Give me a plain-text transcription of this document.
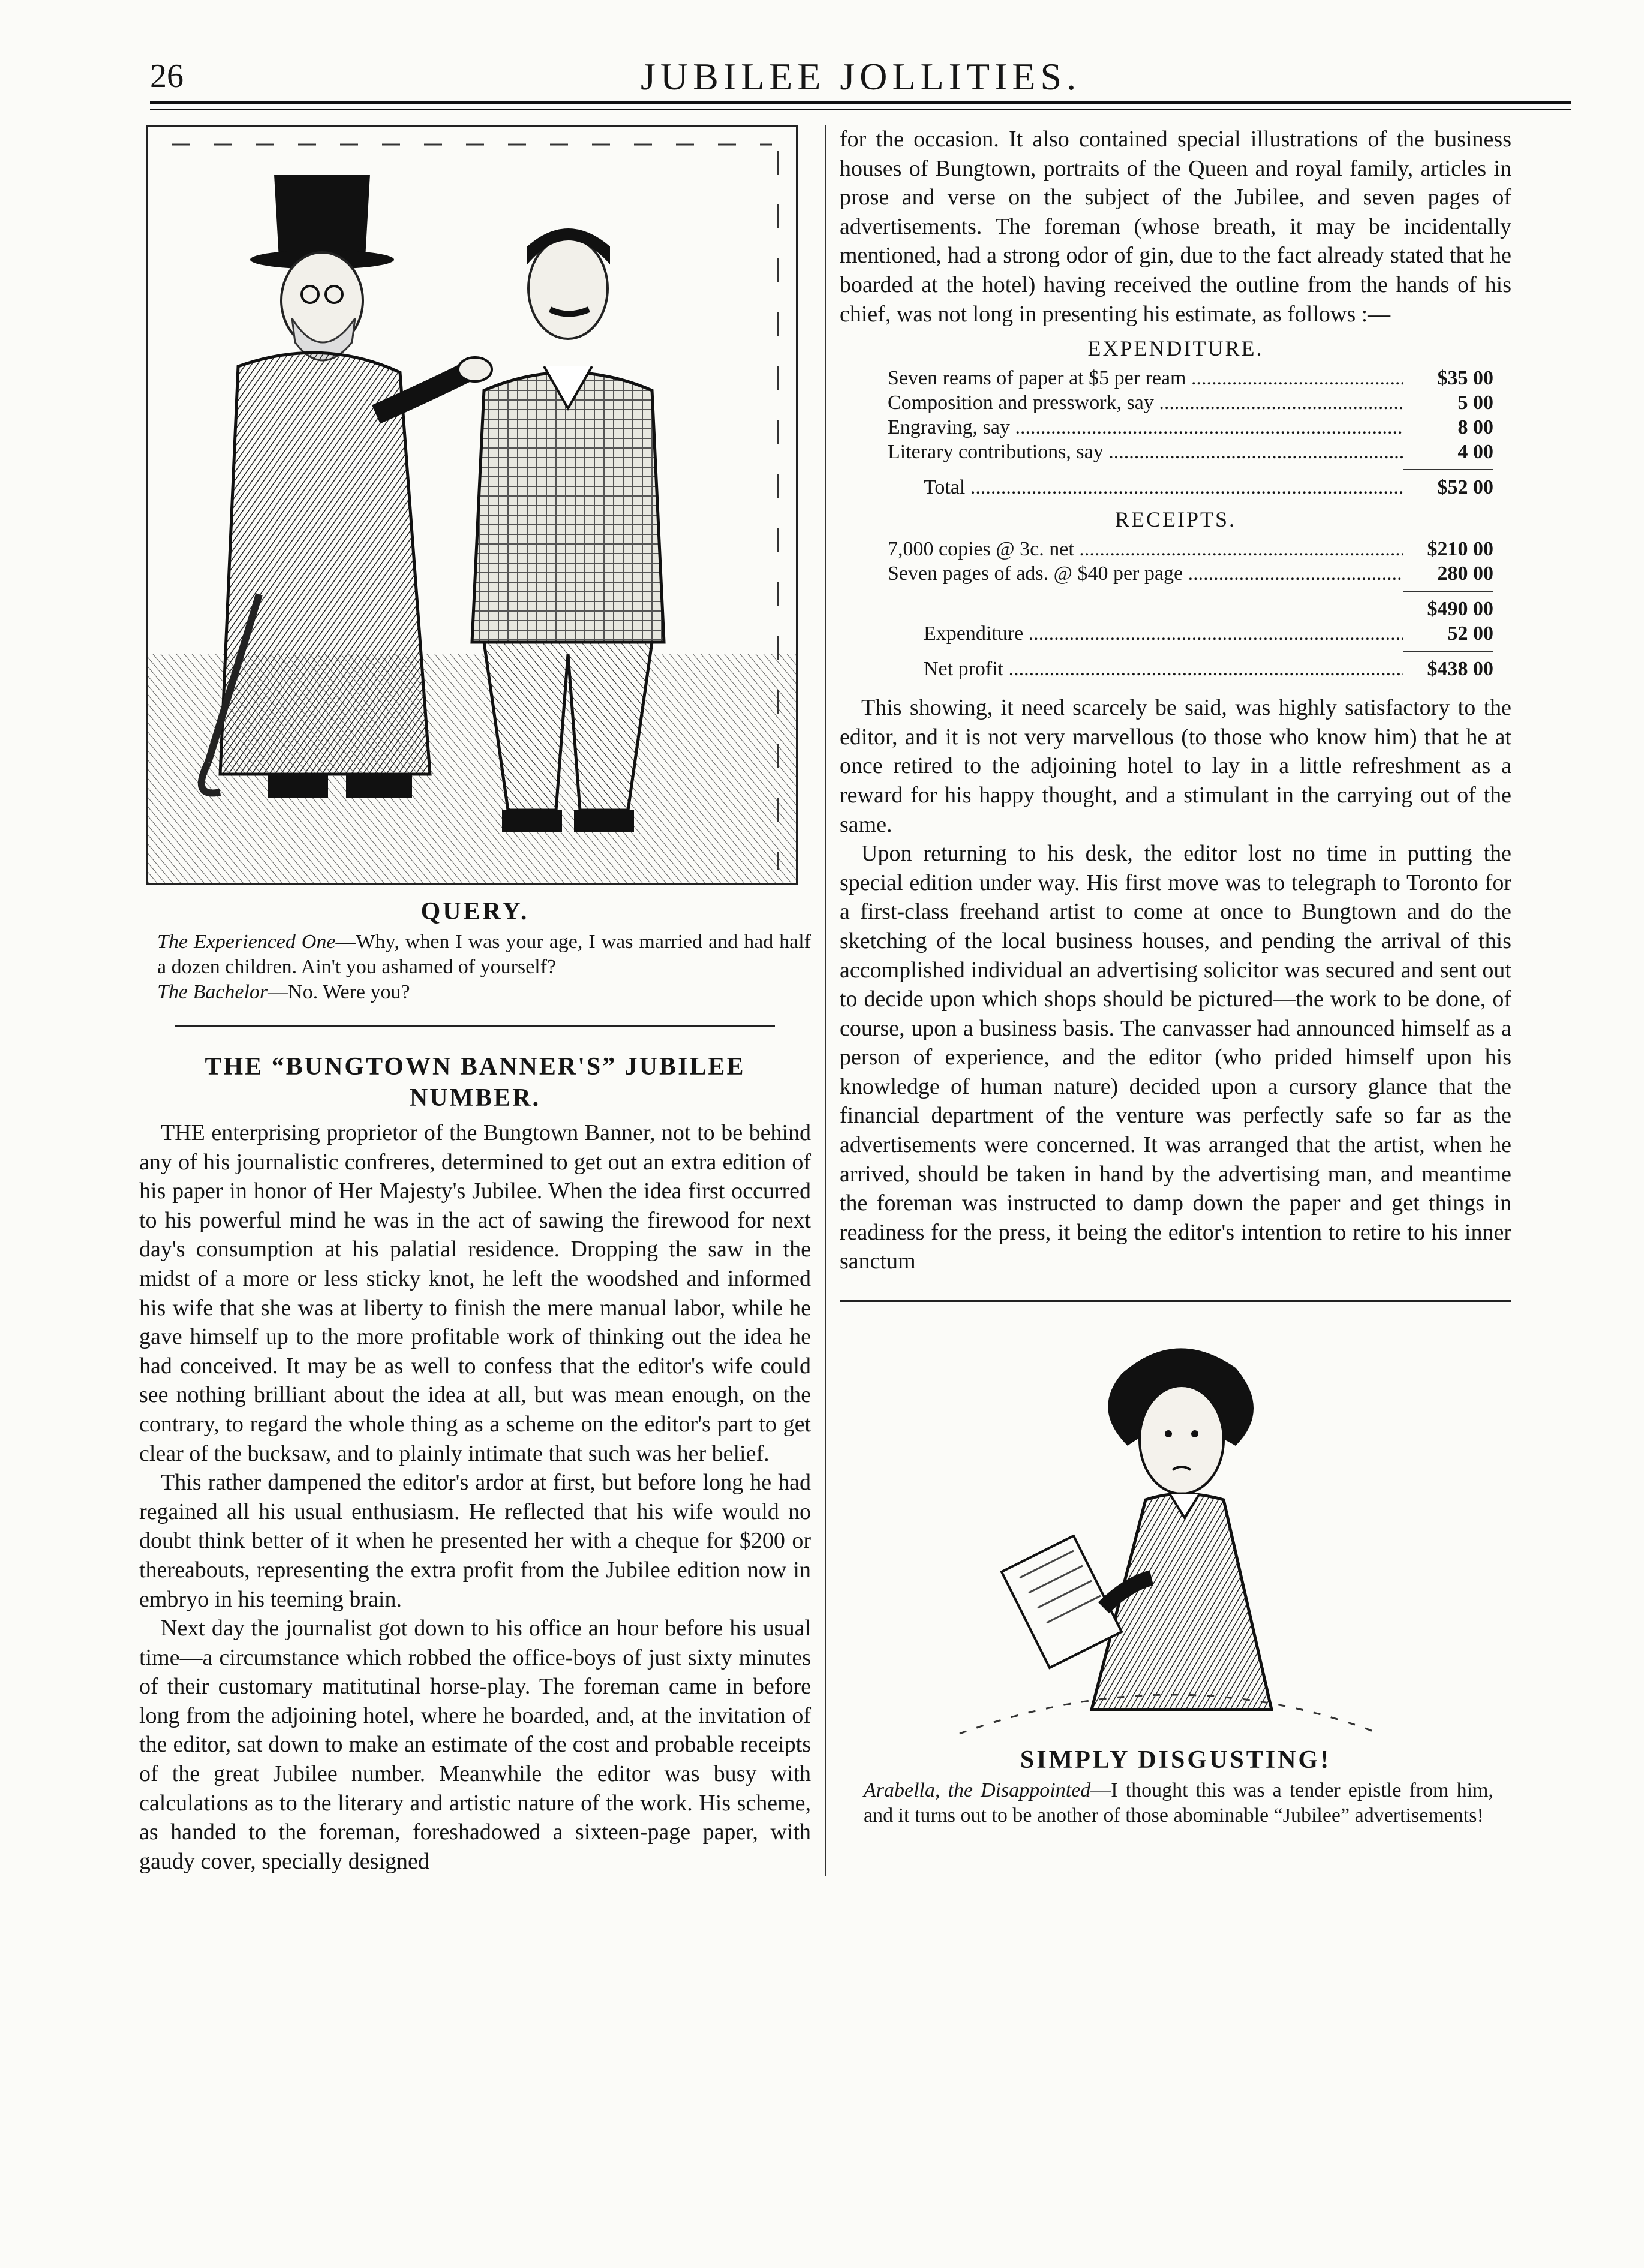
26	JUBILEE JOLLITIES.
QUERY.

The Experienced One—Why, when I was your age, I was married and had half a dozen children. Ain't you ashamed of yourself?

The Bachelor—No. Were you?

THE “BUNGTOWN BANNER'S” JUBILEE NUMBER.

THE enterprising proprietor of the Bungtown Banner, not to be behind any of his journalistic confreres, determined to get out an extra edition of his paper in honor of Her Majesty's Jubilee. When the idea first occurred to his powerful mind he was in the act of sawing the firewood for next day's consumption at his palatial residence. Dropping the saw in the midst of a more or less sticky knot, he left the woodshed and informed his wife that she was at liberty to finish the mere manual labor, while he gave himself up to the more profitable work of thinking out the idea he had conceived. It may be as well to confess that the editor's wife could see nothing brilliant about the idea at all, but was mean enough, on the contrary, to regard the whole thing as a scheme on the editor's part to get clear of the bucksaw, and to plainly intimate that such was her belief.

This rather dampened the editor's ardor at first, but before long he had regained all his usual enthusiasm. He reflected that his wife would no doubt think better of it when he presented her with a cheque for $200 or thereabouts, representing the extra profit from the Jubilee edition now in embryo in his teeming brain.

Next day the journalist got down to his office an hour before his usual time—a circumstance which robbed the office-boys of just sixty minutes of their customary matitutinal horse-play. The foreman came in before long from the adjoining hotel, where he boarded, and, at the invitation of the editor, sat down to make an estimate of the cost and probable receipts of the great Jubilee number. Meanwhile the editor was busy with calculations as to the literary and artistic nature of the work. His scheme, as handed to the foreman, foreshadowed a sixteen-page paper, with gaudy cover, specially designed

for the occasion. It also contained special illustrations of the business houses of Bungtown, portraits of the Queen and royal family, articles in prose and verse on the subject of the Jubilee, and seven pages of advertisements. The foreman (whose breath, it may be incidentally mentioned, had a strong odor of gin, due to the fact already stated that he boarded at the hotel) having received the outline from the hands of his chief, was not long in presenting his estimate, as follows :—

EXPENDITURE.
Seven reams of paper at $5 per ream .....	$35 00
Composition and presswork, say .....	5 00
Engraving, say .....	8 00
Literary contributions, say .....	4 00
Total .....	$52 00
RECEIPTS.
7,000 copies @ 3c. net .....	$210 00
Seven pages of ads. @ $40 per page .....	280 00
$490 00
Expenditure .....	52 00
Net profit .....	$438 00

This showing, it need scarcely be said, was highly satisfactory to the editor, and it is not very marvellous (to those who know him) that he at once retired to the adjoining hotel to lay in a little refreshment as a reward for his happy thought, and a stimulant in the carrying out of the same.

Upon returning to his desk, the editor lost no time in putting the special edition under way. His first move was to telegraph to Toronto for a first-class freehand artist to come at once to Bungtown and do the sketching of the local business houses, and pending the arrival of this accomplished individual an advertising solicitor was secured and sent out to decide upon which shops should be pictured—the work to be done, of course, upon a business basis. The canvasser had announced himself as a person of experience, and the editor (who prided himself upon his knowledge of human nature) decided upon a cursory glance that the financial department of the venture was perfectly safe so far as the advertisements were concerned. It was arranged that the artist, when he arrived, should be taken in hand by the advertising man, and meantime the foreman was instructed to damp down the paper and get things in readiness for the press, it being the editor's intention to retire to his inner sanctum

SIMPLY DISGUSTING!

Arabella, the Disappointed—I thought this was a tender epistle from him, and it turns out to be another of those abominable “Jubilee” advertisements!
